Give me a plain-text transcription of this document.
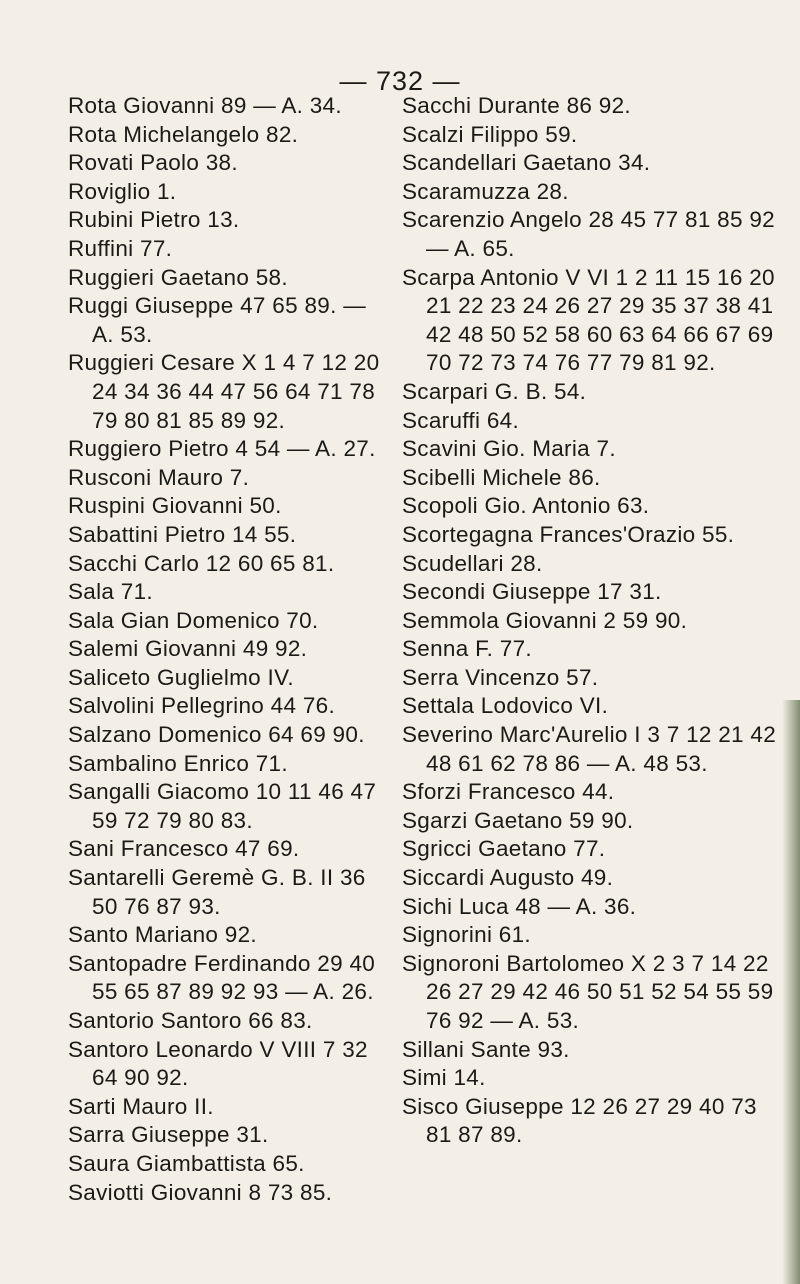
— 732 —
Rota Giovanni 89 — A. 34.
Rota Michelangelo 82.
Rovati Paolo 38.
Roviglio 1.
Rubini Pietro 13.
Ruffini 77.
Ruggieri Gaetano 58.
Ruggi Giuseppe 47 65 89. — A. 53.
Ruggieri Cesare X 1 4 7 12 20 24 34 36 44 47 56 64 71 78 79 80 81 85 89 92.
Ruggiero Pietro 4 54 — A. 27.
Rusconi Mauro 7.
Ruspini Giovanni 50.
Sabattini Pietro 14 55.
Sacchi Carlo 12 60 65 81.
Sala 71.
Sala Gian Domenico 70.
Salemi Giovanni 49 92.
Saliceto Guglielmo IV.
Salvolini Pellegrino 44 76.
Salzano Domenico 64 69 90.
Sambalino Enrico 71.
Sangalli Giacomo 10 11 46 47 59 72 79 80 83.
Sani Francesco 47 69.
Santarelli Geremè G. B. II 36 50 76 87 93.
Santo Mariano 92.
Santopadre Ferdinando 29 40 55 65 87 89 92 93 — A. 26.
Santorio Santoro 66 83.
Santoro Leonardo V VIII 7 32 64 90 92.
Sarti Mauro II.
Sarra Giuseppe 31.
Saura Giambattista 65.
Saviotti Giovanni 8 73 85.
Sacchi Durante 86 92.
Scalzi Filippo 59.
Scandellari Gaetano 34.
Scaramuzza 28.
Scarenzio Angelo 28 45 77 81 85 92 — A. 65.
Scarpa Antonio V VI 1 2 11 15 16 20 21 22 23 24 26 27 29 35 37 38 41 42 48 50 52 58 60 63 64 66 67 69 70 72 73 74 76 77 79 81 92.
Scarpari G. B. 54.
Scaruffi 64.
Scavini Gio. Maria 7.
Scibelli Michele 86.
Scopoli Gio. Antonio 63.
Scortegagna Frances'Orazio 55.
Scudellari 28.
Secondi Giuseppe 17 31.
Semmola Giovanni 2 59 90.
Senna F. 77.
Serra Vincenzo 57.
Settala Lodovico VI.
Severino Marc'Aurelio I 3 7 12 21 42 48 61 62 78 86 — A. 48 53.
Sforzi Francesco 44.
Sgarzi Gaetano 59 90.
Sgricci Gaetano 77.
Siccardi Augusto 49.
Sichi Luca 48 — A. 36.
Signorini 61.
Signoroni Bartolomeo X 2 3 7 14 22 26 27 29 42 46 50 51 52 54 55 59 76 92 — A. 53.
Sillani Sante 93.
Simi 14.
Sisco Giuseppe 12 26 27 29 40 73 81 87 89.
